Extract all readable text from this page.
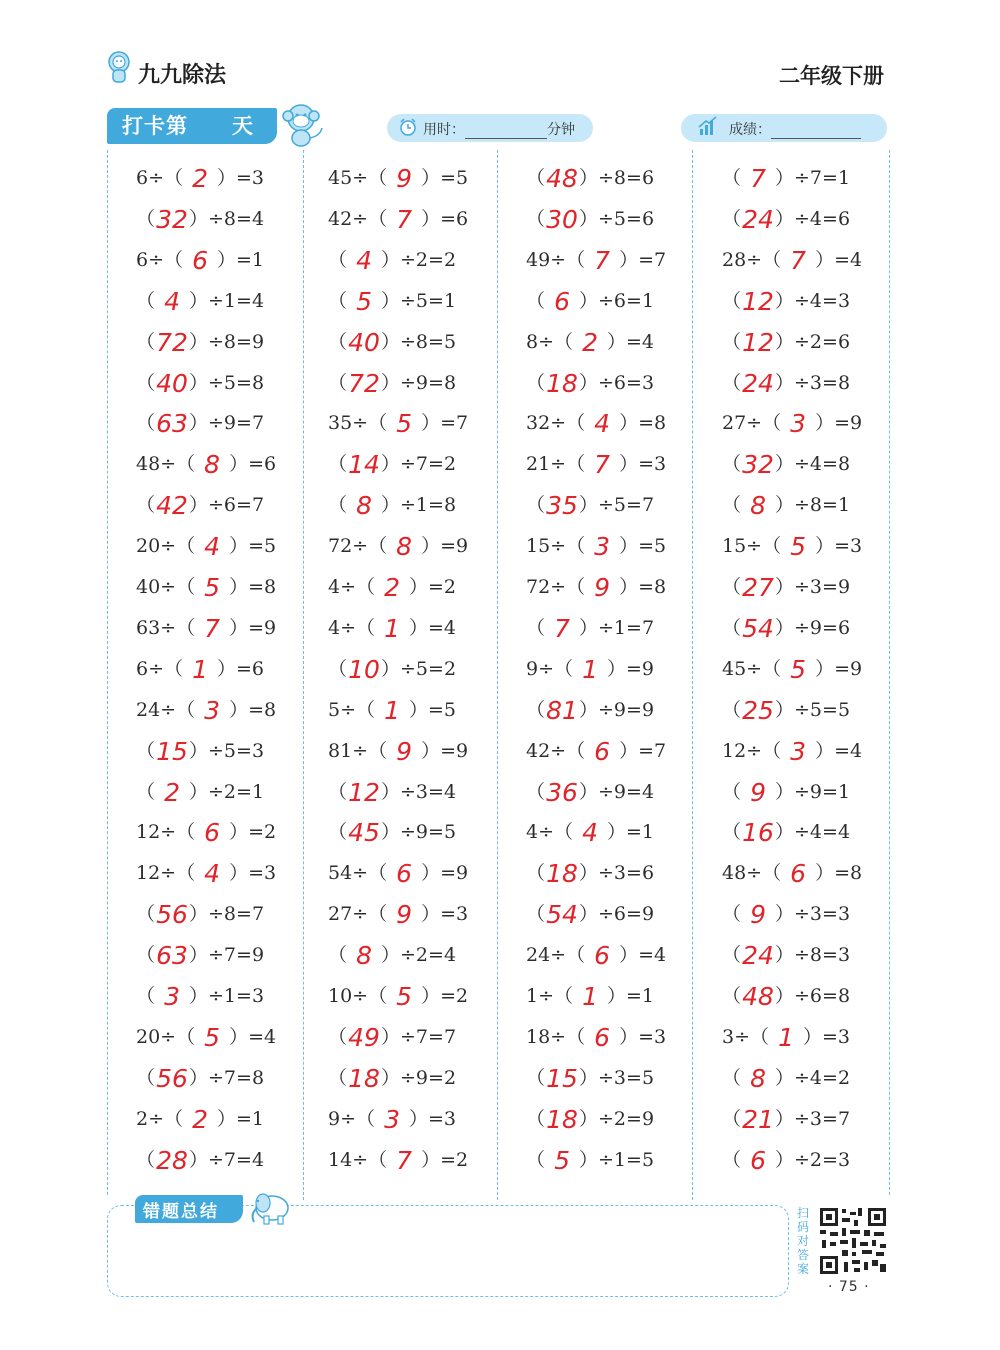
九九除法	二年级下册
打卡第　　天	用时：	分钟	成绩：
6÷（ 2 ）=3
（32）÷8=4
6÷（ 6 ）=1
（ 4 ）÷1=4
（72）÷8=9
（40）÷5=8
（63）÷9=7
48÷（ 8 ）=6
（42）÷6=7
20÷（ 4 ）=5
40÷（ 5 ）=8
63÷（ 7 ）=9
6÷（ 1 ）=6
24÷（ 3 ）=8
（15）÷5=3
（ 2 ）÷2=1
12÷（ 6 ）=2
12÷（ 4 ）=3
（56）÷8=7
（63）÷7=9
（ 3 ）÷1=3
20÷（ 5 ）=4
（56）÷7=8
2÷（ 2 ）=1
（28）÷7=4
45÷（ 9 ）=5
42÷（ 7 ）=6
（ 4 ）÷2=2
（ 5 ）÷5=1
（40）÷8=5
（72）÷9=8
35÷（ 5 ）=7
（14）÷7=2
（ 8 ）÷1=8
72÷（ 8 ）=9
4÷（ 2 ）=2
4÷（ 1 ）=4
（10）÷5=2
5÷（ 1 ）=5
81÷（ 9 ）=9
（12）÷3=4
（45）÷9=5
54÷（ 6 ）=9
27÷（ 9 ）=3
（ 8 ）÷2=4
10÷（ 5 ）=2
（49）÷7=7
（18）÷9=2
9÷（ 3 ）=3
14÷（ 7 ）=2
（48）÷8=6
（30）÷5=6
49÷（ 7 ）=7
（ 6 ）÷6=1
8÷（ 2 ）=4
（18）÷6=3
32÷（ 4 ）=8
21÷（ 7 ）=3
（35）÷5=7
15÷（ 3 ）=5
72÷（ 9 ）=8
（ 7 ）÷1=7
9÷（ 1 ）=9
（81）÷9=9
42÷（ 6 ）=7
（36）÷9=4
4÷（ 4 ）=1
（18）÷3=6
（54）÷6=9
24÷（ 6 ）=4
1÷（ 1 ）=1
18÷（ 6 ）=3
（15）÷3=5
（18）÷2=9
（ 5 ）÷1=5
（ 7 ）÷7=1
（24）÷4=6
28÷（ 7 ）=4
（12）÷4=3
（12）÷2=6
（24）÷3=8
27÷（ 3 ）=9
（32）÷4=8
（ 8 ）÷8=1
15÷（ 5 ）=3
（27）÷3=9
（54）÷9=6
45÷（ 5 ）=9
（25）÷5=5
12÷（ 3 ）=4
（ 9 ）÷9=1
（16）÷4=4
48÷（ 6 ）=8
（ 9 ）÷3=3
（24）÷8=3
（48）÷6=8
3÷（ 1 ）=3
（ 8 ）÷4=2
（21）÷3=7
（ 6 ）÷2=3
错题总结	扫码对答案
· 75 ·
